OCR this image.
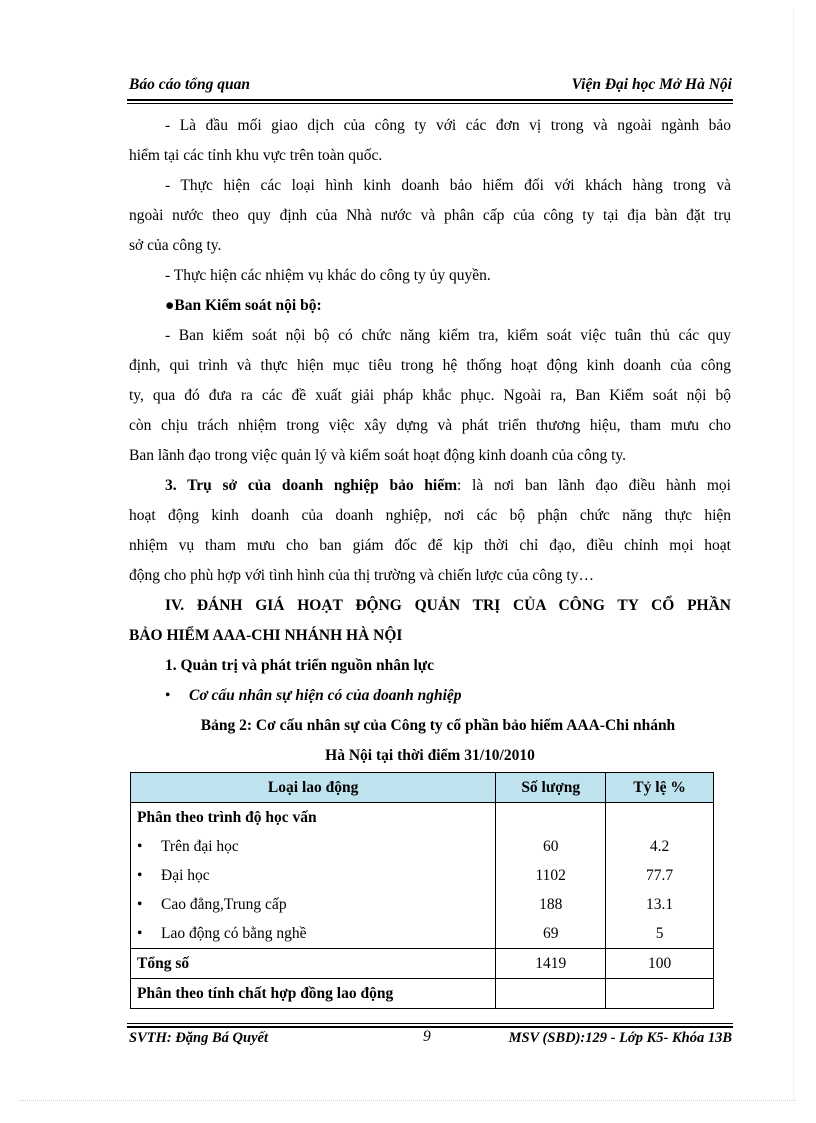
Báo cáo tổng quan	Viện Đại học Mở Hà Nội
- Là đầu mối giao dịch của công ty với các đơn vị trong và ngoài ngành bảo
hiểm tại các tỉnh khu vực trên toàn quốc.
- Thực hiện các loại hình kinh doanh bảo hiểm đối với khách hàng trong và
ngoài nước theo quy định của Nhà nước và phân cấp của công ty tại địa bàn đặt trụ
sở của công ty.
- Thực hiện các nhiệm vụ khác do công ty ủy quyền.
●Ban Kiểm soát nội bộ:
- Ban kiểm soát nội bộ có chức năng kiểm tra, kiểm soát việc tuân thủ các quy
định, qui trình và thực hiện mục tiêu trong hệ thống hoạt động kinh doanh của công
ty, qua đó đưa ra các đề xuất giải pháp khắc phục. Ngoài ra, Ban Kiểm soát nội bộ
còn chịu trách nhiệm trong việc xây dựng và phát triển thương hiệu, tham mưu cho
Ban lãnh đạo trong việc quản lý và kiểm soát hoạt động kinh doanh của công ty.
3. Trụ sở của doanh nghiệp bảo hiểm: là nơi ban lãnh đạo điều hành mọi
hoạt động kinh doanh của doanh nghiệp, nơi các bộ phận chức năng thực hiện
nhiệm vụ tham mưu cho ban giám đốc để kịp thời chỉ đạo, điều chỉnh mọi hoạt
động cho phù hợp với tình hình của thị trường và chiến lược của công ty…
IV. ĐÁNH GIÁ HOẠT ĐỘNG QUẢN TRỊ CỦA CÔNG TY CỔ PHẦN
BẢO HIỂM AAA-CHI NHÁNH HÀ NỘI
1. Quản trị và phát triển nguồn nhân lực
• Cơ cấu nhân sự hiện có của doanh nghiệp
Bảng 2: Cơ cấu nhân sự của Công ty cổ phần bảo hiểm AAA-Chi nhánh
Hà Nội tại thời điểm 31/10/2010
Loại lao động	Số lượng	Tỷ lệ %
Phân theo trình độ học vấn		
• Trên đại học	60	4.2
• Đại học	1102	77.7
• Cao đẳng,Trung cấp	188	13.1
• Lao động có bằng nghề	69	5
Tổng số	1419	100
Phân theo tính chất hợp đồng lao động		
SVTH: Đặng Bá Quyết	9	MSV (SBD):129 - Lớp K5- Khóa 13B
